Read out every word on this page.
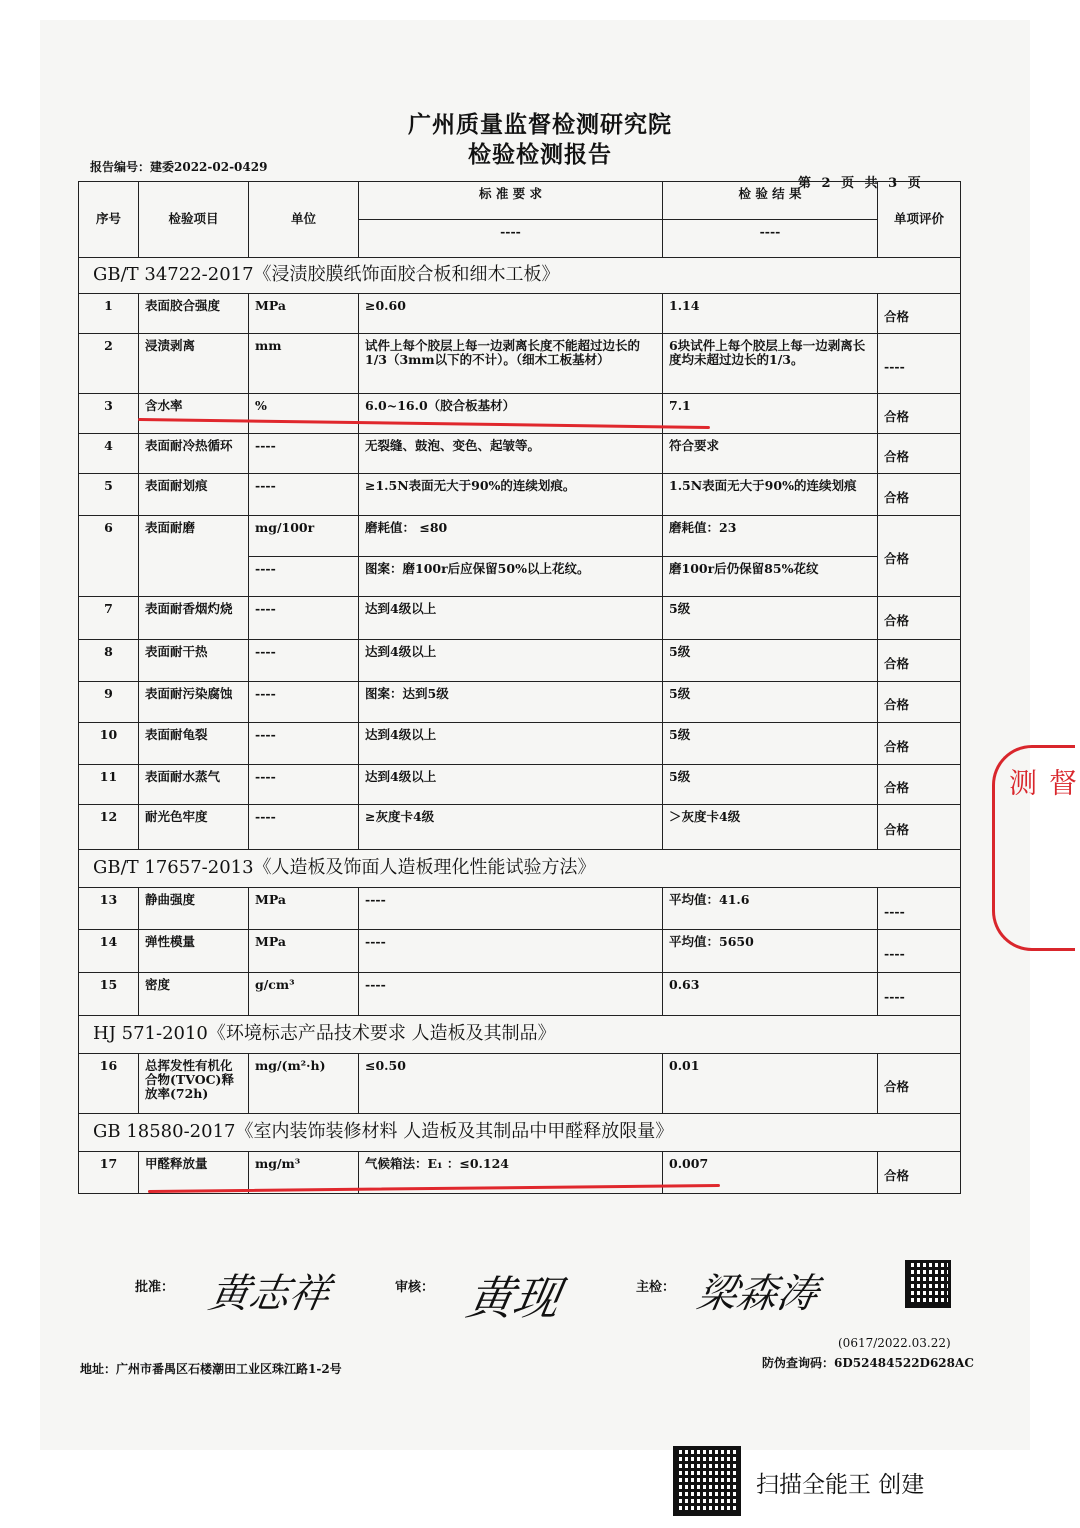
广州质量监督检测研究院
检验检测报告
报告编号：建委2022-02-0429
第 2 页 共 3 页
序号	检验项目	单位	标 准 要 求	检 验 结 果	单项评价
			----	----	
GB/T 34722-2017《浸渍胶膜纸饰面胶合板和细木工板》					
1	表面胶合强度	MPa	≥0.60	1.14	合格
2	浸渍剥离	mm	试件上每个胶层上每一边剥离长度不能超过边长的1/3（3mm以下的不计）。（细木工板基材）	6块试件上每个胶层上每一边剥离长度均未超过边长的1/3。	----
3	含水率	%	6.0~16.0（胶合板基材）	7.1	合格
4	表面耐冷热循环	----	无裂缝、鼓泡、变色、起皱等。	符合要求	合格
5	表面耐划痕	----	≥1.5N表面无大于90%的连续划痕。	1.5N表面无大于90%的连续划痕	合格
6	表面耐磨	mg/100r	磨耗值： ≤80	磨耗值：23	合格
		----	图案：磨100r后应保留50%以上花纹。	磨100r后仍保留85%花纹	
7	表面耐香烟灼烧	----	达到4级以上	5级	合格
8	表面耐干热	----	达到4级以上	5级	合格
9	表面耐污染腐蚀	----	图案：达到5级	5级	合格
10	表面耐龟裂	----	达到4级以上	5级	合格
11	表面耐水蒸气	----	达到4级以上	5级	合格
12	耐光色牢度	----	≥灰度卡4级	＞灰度卡4级	合格
GB/T 17657-2013《人造板及饰面人造板理化性能试验方法》					
13	静曲强度	MPa	----	平均值：41.6	----
14	弹性模量	MPa	----	平均值：5650	----
15	密度	g/cm³	----	0.63	----
HJ 571-2010《环境标志产品技术要求 人造板及其制品》					
16	总挥发性有机化合物(TVOC)释放率(72h)	mg/(m²·h)	≤0.50	0.01	合格
GB 18580-2017《室内装饰装修材料 人造板及其制品中甲醛释放限量》					
17	甲醛释放量	mg/m³	气候箱法：E₁ ：≤0.124	0.007	合格
批准： 黄志祥	审核： 黄现	主检： 梁森涛
(0617/2022.03.22)
地址：广州市番禺区石楼潮田工业区珠江路1-2号	防伪查询码：6D52484522D628AC
督 测
扫描全能王 创建
